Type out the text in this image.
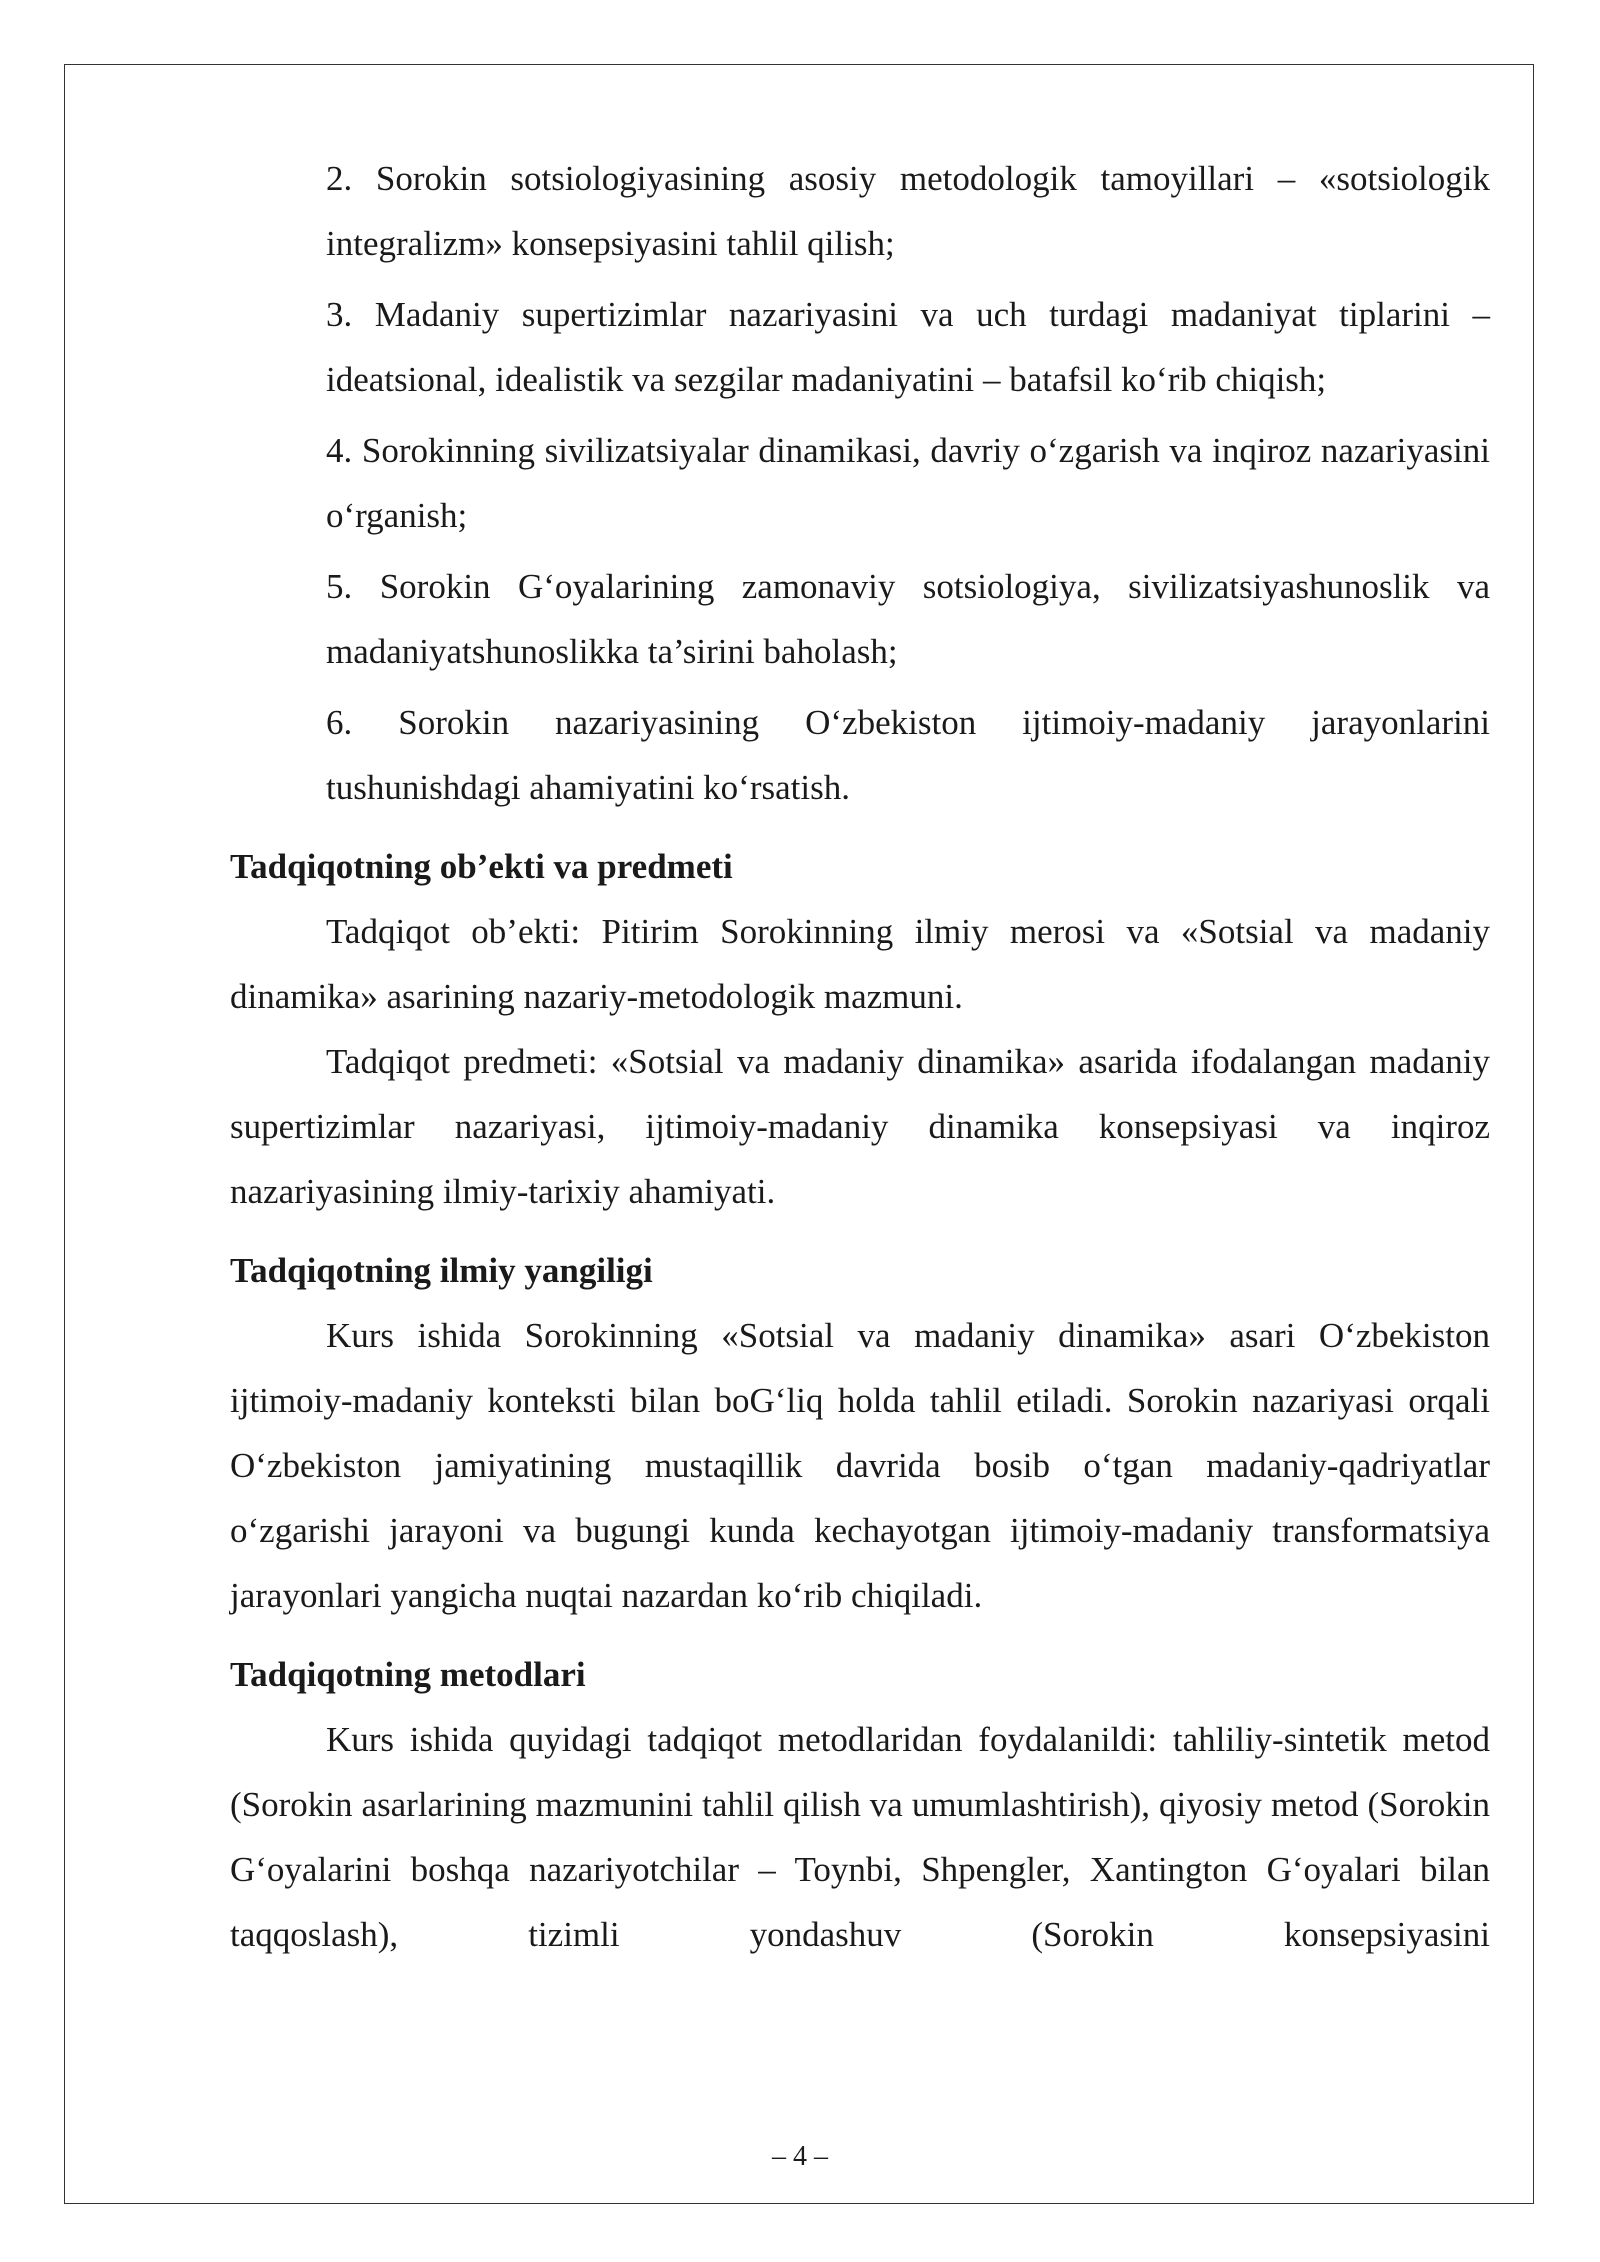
2. Sorokin sotsiologiyasining asosiy metodologik tamoyillari – «sotsiologik integralizm» konsepsiyasini tahlil qilish;

3. Madaniy supertizimlar nazariyasini va uch turdagi madaniyat tiplarini – ideatsional, idealistik va sezgilar madaniyatini – batafsil ko‘rib chiqish;

4. Sorokinning sivilizatsiyalar dinamikasi, davriy o‘zgarish va inqiroz nazariyasini o‘rganish;

5. Sorokin G‘oyalarining zamonaviy sotsiologiya, sivilizatsiyashunoslik va madaniyatshunoslikka ta’sirini baholash;

6. Sorokin nazariyasining O‘zbekiston ijtimoiy-madaniy jarayonlarini tushunishdagi ahamiyatini ko‘rsatish.

Tadqiqotning ob’ekti va predmeti

Tadqiqot ob’ekti: Pitirim Sorokinning ilmiy merosi va «Sotsial va madaniy dinamika» asarining nazariy-metodologik mazmuni.

Tadqiqot predmeti: «Sotsial va madaniy dinamika» asarida ifodalangan madaniy supertizimlar nazariyasi, ijtimoiy-madaniy dinamika konsepsiyasi va inqiroz nazariyasining ilmiy-tarixiy ahamiyati.

Tadqiqotning ilmiy yangiligi

Kurs ishida Sorokinning «Sotsial va madaniy dinamika» asari O‘zbekiston ijtimoiy-madaniy konteksti bilan boG‘liq holda tahlil etiladi. Sorokin nazariyasi orqali O‘zbekiston jamiyatining mustaqillik davrida bosib o‘tgan madaniy-qadriyatlar o‘zgarishi jarayoni va bugungi kunda kechayotgan ijtimoiy-madaniy transformatsiya jarayonlari yangicha nuqtai nazardan ko‘rib chiqiladi.

Tadqiqotning metodlari

Kurs ishida quyidagi tadqiqot metodlaridan foydalanildi: tahliliy-sintetik metod (Sorokin asarlarining mazmunini tahlil qilish va umumlashtirish), qiyosiy metod (Sorokin G‘oyalarini boshqa nazariyotchilar – Toynbi, Shpengler, Xantington G‘oyalari bilan taqqoslash), tizimli yondashuv (Sorokin konsepsiyasini

– 4 –
